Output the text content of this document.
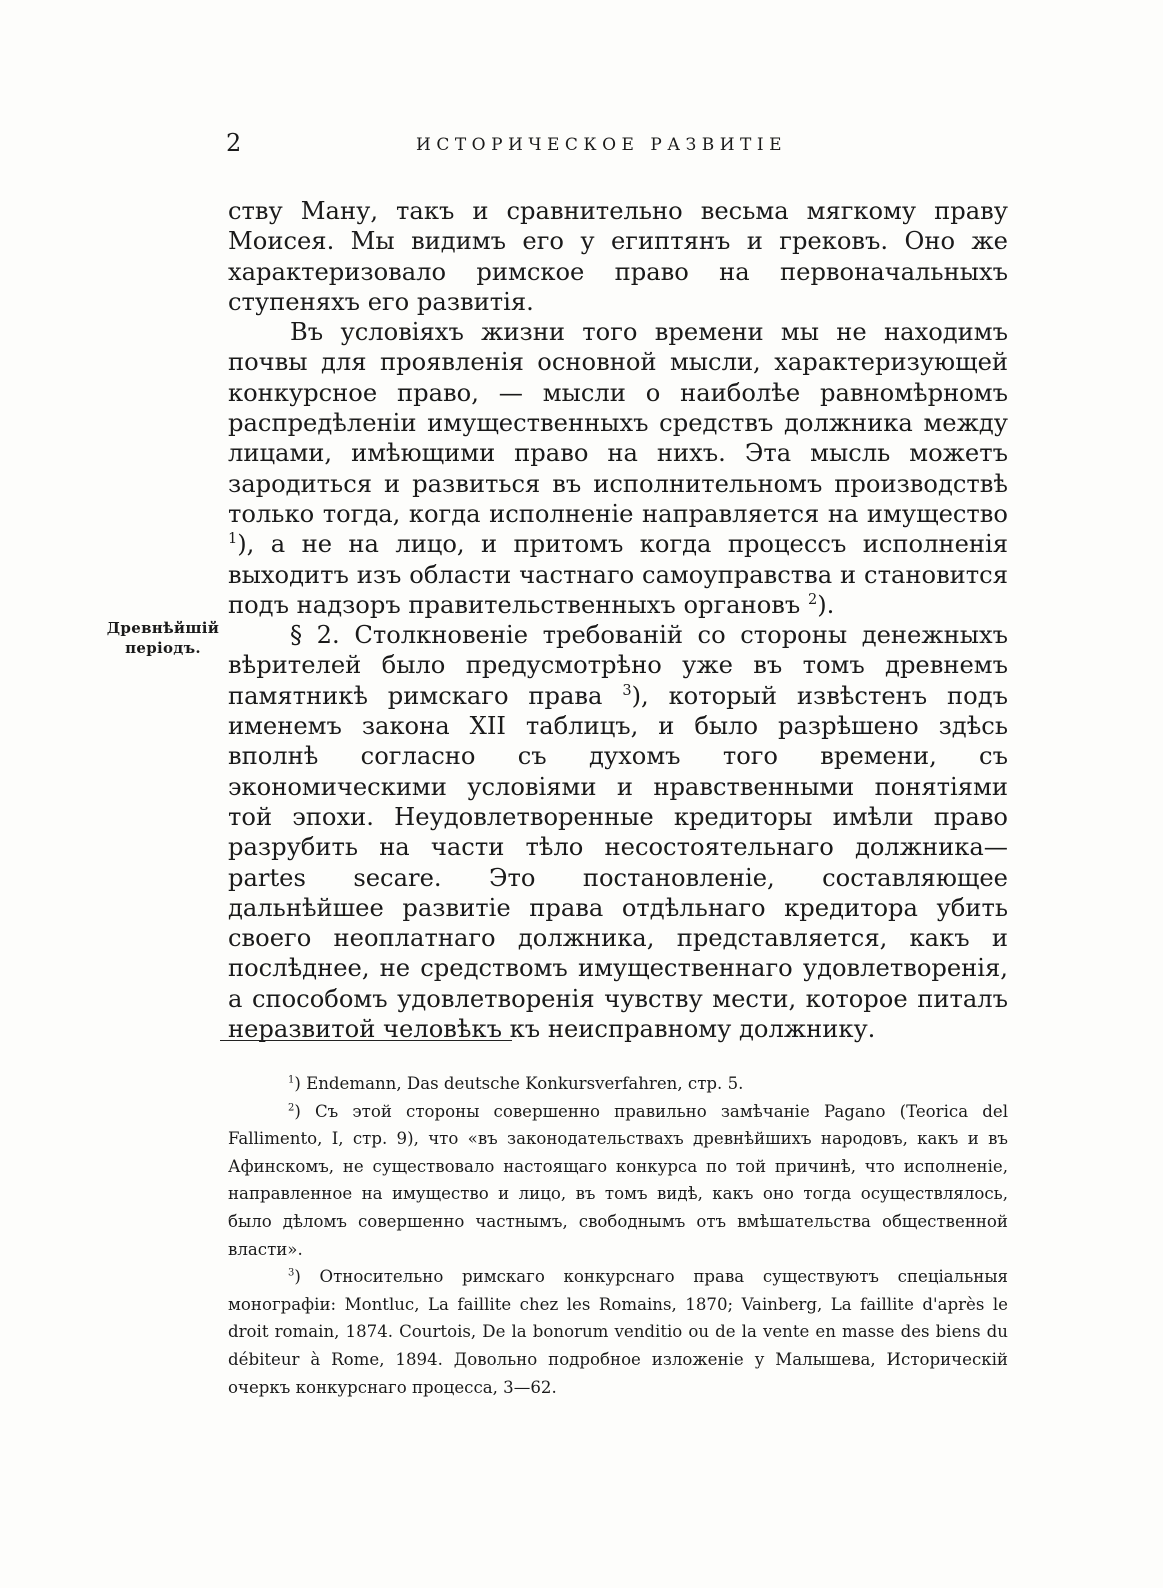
2	ИСТОРИЧЕСКОЕ РАЗВИТІЕ

ству Ману, такъ и сравнительно весьма мягкому праву Моисея. Мы видимъ его у египтянъ и грековъ. Оно же характеризовало римское право на первоначальныхъ ступеняхъ его развитія.

Въ условіяхъ жизни того времени мы не находимъ почвы для проявленія основной мысли, характеризующей конкурсное право, — мысли о наиболѣе равномѣрномъ распредѣленіи имущественныхъ средствъ должника между лицами, имѣющими право на нихъ. Эта мысль можетъ зародиться и развиться въ исполнительномъ производствѣ только тогда, когда исполненіе направляется на имущество $^1$), а не на лицо, и притомъ когда процессъ исполненія выходитъ изъ области частнаго самоуправства и становится подъ надзоръ правительственныхъ органовъ $^2$).

§ 2. Столкновеніе требованій со стороны денежныхъ вѣрителей было предусмотрѣно уже въ томъ древнемъ памятникѣ римскаго права $^3$), который извѣстенъ подъ именемъ закона XII таблицъ, и было разрѣшено здѣсь вполнѣ согласно съ духомъ того времени, съ экономическими условіями и нравственными понятіями той эпохи. Неудовлетворенные кредиторы имѣли право разрубить на части тѣло несостоятельнаго должника—partes secare. Это постановленіе, составляющее дальнѣйшее развитіе права отдѣльнаго кредитора убить своего неоплатнаго должника, представляется, какъ и послѣднее, не средствомъ имущественнаго удовлетворенія, а способомъ удовлетворенія чувству мести, которое питалъ неразвитой человѣкъ къ неисправному должнику.

Древнѣйшій
періодъ.

$^1$) Endemann, Das deutsche Konkursverfahren, стр. 5.

$^2$) Съ этой стороны совершенно правильно замѣчаніе Pagano (Teorica del Fallimento, I, стр. 9), что «въ законодательствахъ древнѣйшихъ народовъ, какъ и въ Афинскомъ, не существовало настоящаго конкурса по той причинѣ, что исполненіе, направленное на имущество и лицо, въ томъ видѣ, какъ оно тогда осуществлялось, было дѣломъ совершенно частнымъ, свободнымъ отъ вмѣшательства общественной власти».

$^3$) Относительно римскаго конкурснаго права существуютъ спеціальныя монографіи: Montluc, La faillite chez les Romains, 1870; Vainberg, La faillite d'après le droit romain, 1874. Courtois, De la bonorum venditio ou de la vente en masse des biens du débiteur à Rome, 1894. Довольно подробное изложеніе у Малышева, Историческій очеркъ конкурснаго процесса, 3—62.
